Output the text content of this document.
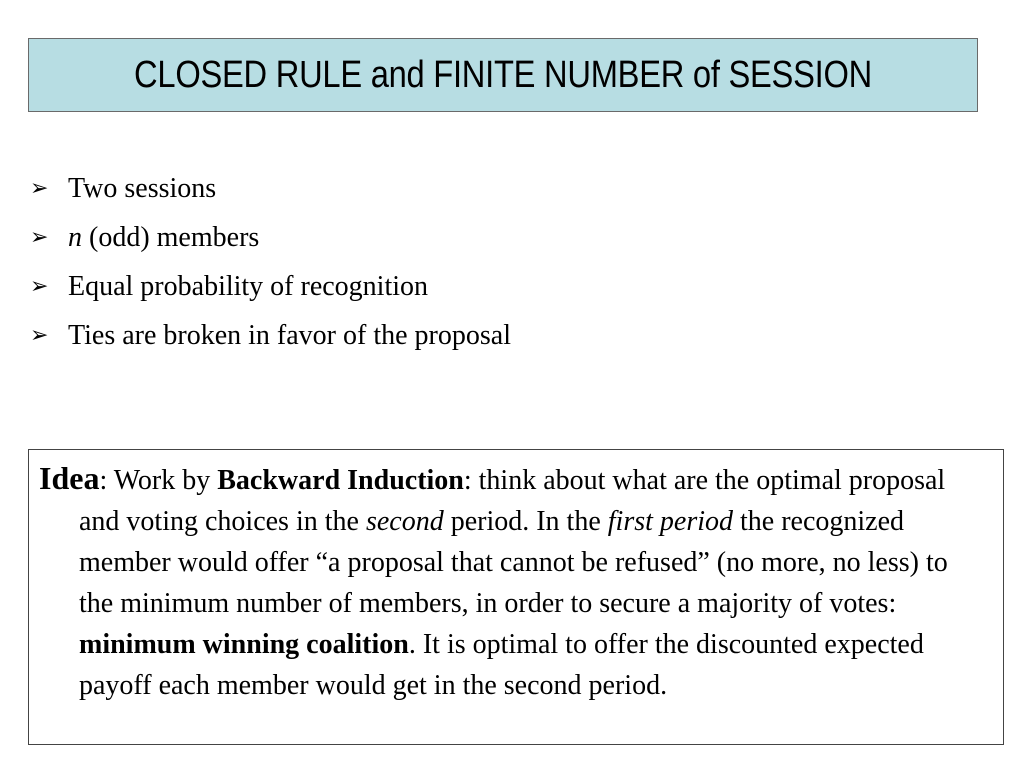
CLOSED RULE and FINITE NUMBER of SESSION
➢ Two sessions
➢ n (odd) members
➢ Equal probability of recognition
➢ Ties are broken in favor of the proposal

Idea: Work by Backward Induction: think about what are the optimal proposal and voting choices in the second period. In the first period the recognized member would offer “a proposal that cannot be refused” (no more, no less) to the minimum number of members, in order to secure a majority of votes: minimum winning coalition. It is optimal to offer the discounted expected payoff each member would get in the second period.
